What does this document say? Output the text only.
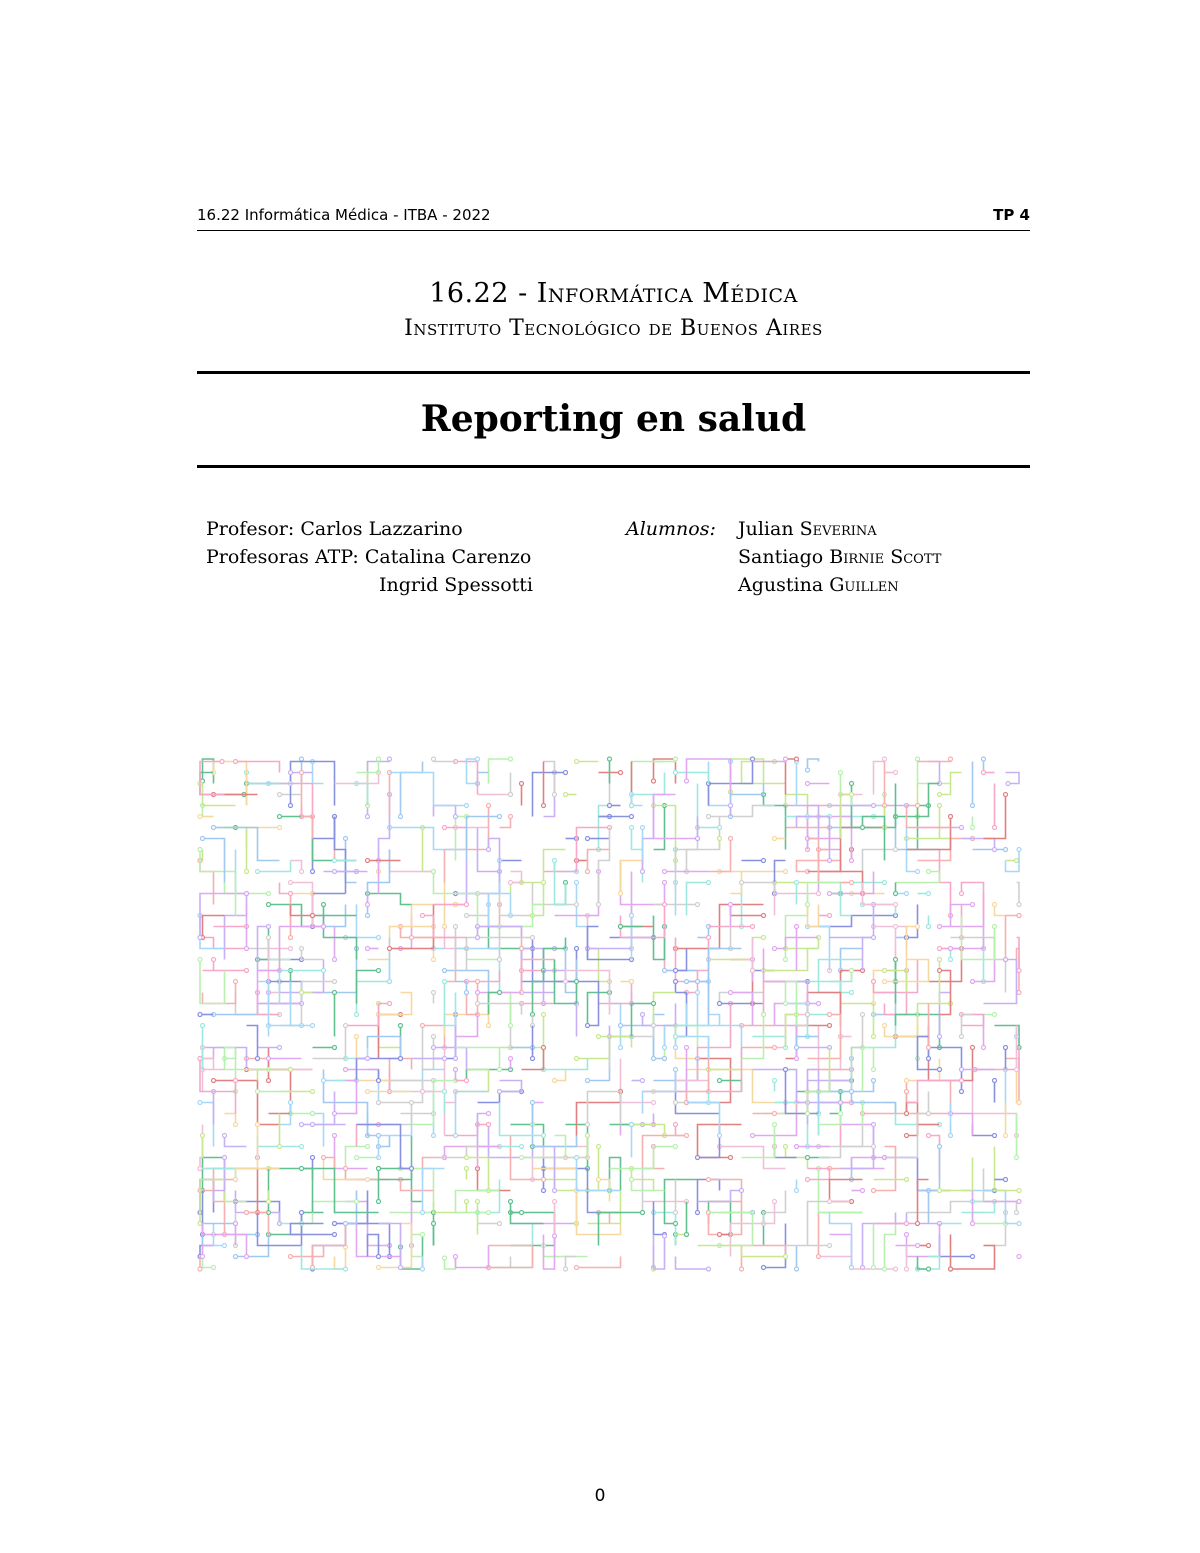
16.22 Informática Médica - ITBA - 2022	TP 4
16.22 - Informática Médica
Instituto Tecnológico de Buenos Aires
Reporting en salud
Profesor:
Carlos Lazzarino
Profesoras ATP:
Catalina Carenzo
Ingrid Spessotti
Alumnos: Julian Severina
Santiago Birnie Scott
Agustina Guillen
0
